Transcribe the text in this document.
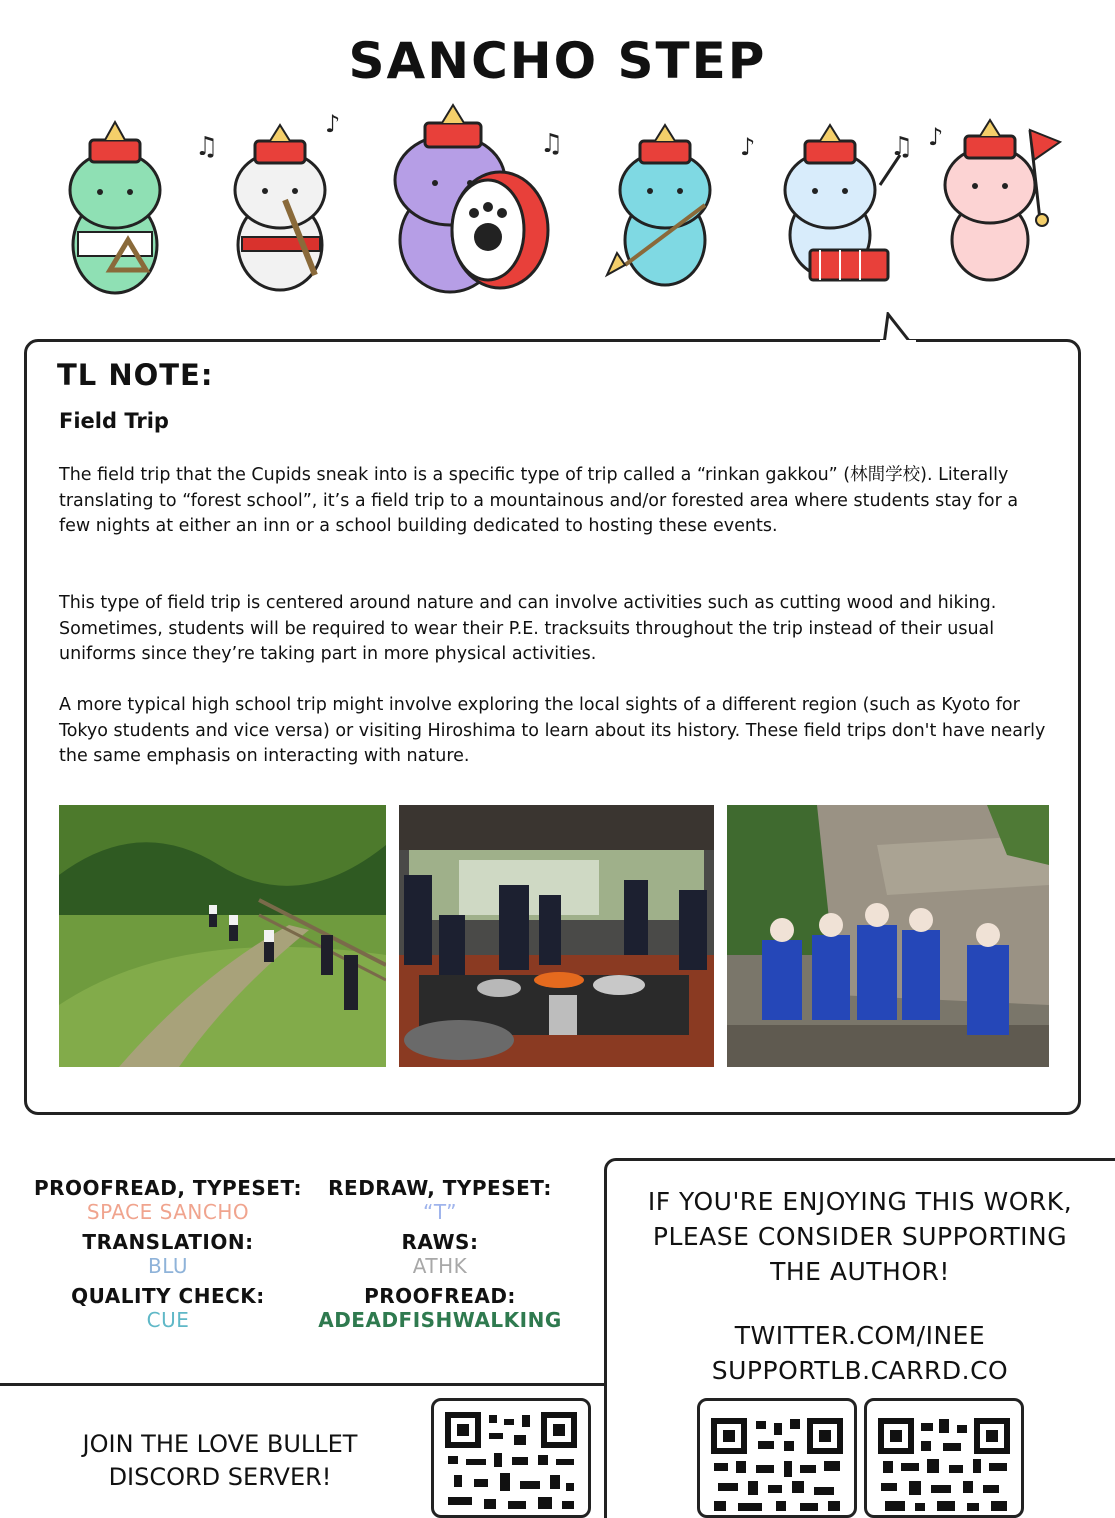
SANCHO STEP
♫
♪
♫	♪	♫ ♪
TL NOTE:
Field Trip
The field trip that the Cupids sneak into is a specific type of trip called a “rinkan gakkou” (林間学校). Literally translating to “forest school”, it’s a field trip to a mountainous and/or forested area where students stay for a few nights at either an inn or a school building dedicated to hosting these events.
This type of field trip is centered around nature and can involve activities such as cutting wood and hiking. Sometimes, students will be required to wear their P.E. tracksuits throughout the trip instead of their usual uniforms since they’re taking part in more physical activities.
A more typical high school trip might involve exploring the local sights of a different region (such as Kyoto for Tokyo students and vice versa) or visiting Hiroshima to learn about its history. These field trips don't have nearly the same emphasis on interacting with nature.
PROOFREAD, TYPESET:
SPACE SANCHO
TRANSLATION:
BLU
QUALITY CHECK:
CUE
REDRAW, TYPESET:
“T”
RAWS:
ATHK
PROOFREAD:
ADEADFISHWALKING
IF YOU'RE ENJOYING THIS WORK,
PLEASE CONSIDER SUPPORTING
THE AUTHOR!
TWITTER.COM/INEE
SUPPORTLB.CARRD.CO
JOIN THE LOVE BULLET
DISCORD SERVER!
